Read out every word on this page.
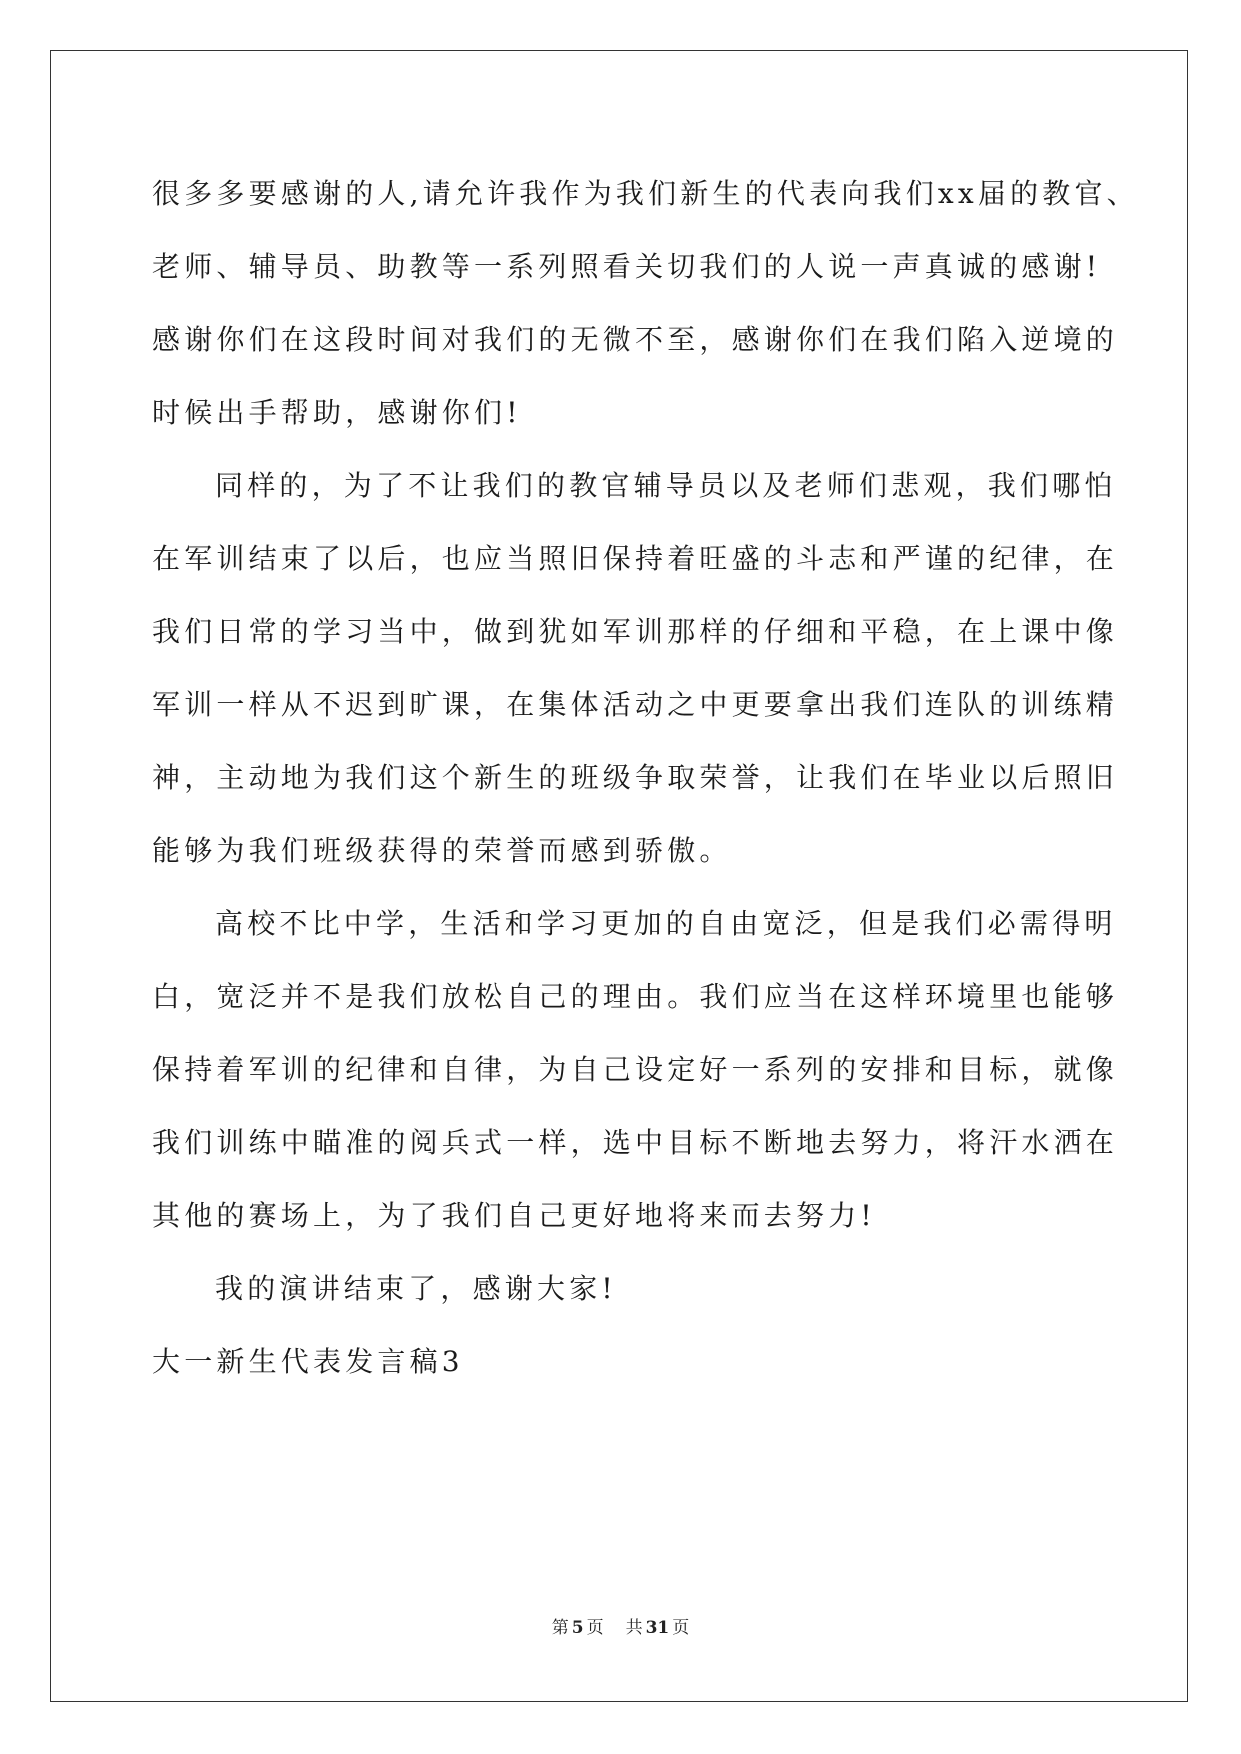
很多多要感谢的人,请允许我作为我们新生的代表向我们xx届的教官、
老师、辅导员、助教等一系列照看关切我们的人说一声真诚的感谢!
感谢你们在这段时间对我们的无微不至，感谢你们在我们陷入逆境的
时候出手帮助，感谢你们!
同样的，为了不让我们的教官辅导员以及老师们悲观，我们哪怕
在军训结束了以后，也应当照旧保持着旺盛的斗志和严谨的纪律，在
我们日常的学习当中，做到犹如军训那样的仔细和平稳，在上课中像
军训一样从不迟到旷课，在集体活动之中更要拿出我们连队的训练精
神，主动地为我们这个新生的班级争取荣誉，让我们在毕业以后照旧
能够为我们班级获得的荣誉而感到骄傲。
高校不比中学，生活和学习更加的自由宽泛，但是我们必需得明
白，宽泛并不是我们放松自己的理由。我们应当在这样环境里也能够
保持着军训的纪律和自律，为自己设定好一系列的安排和目标，就像
我们训练中瞄准的阅兵式一样，选中目标不断地去努力，将汗水洒在
其他的赛场上，为了我们自己更好地将来而去努力!
我的演讲结束了，感谢大家!
大一新生代表发言稿3
第 5 页 共 31 页
